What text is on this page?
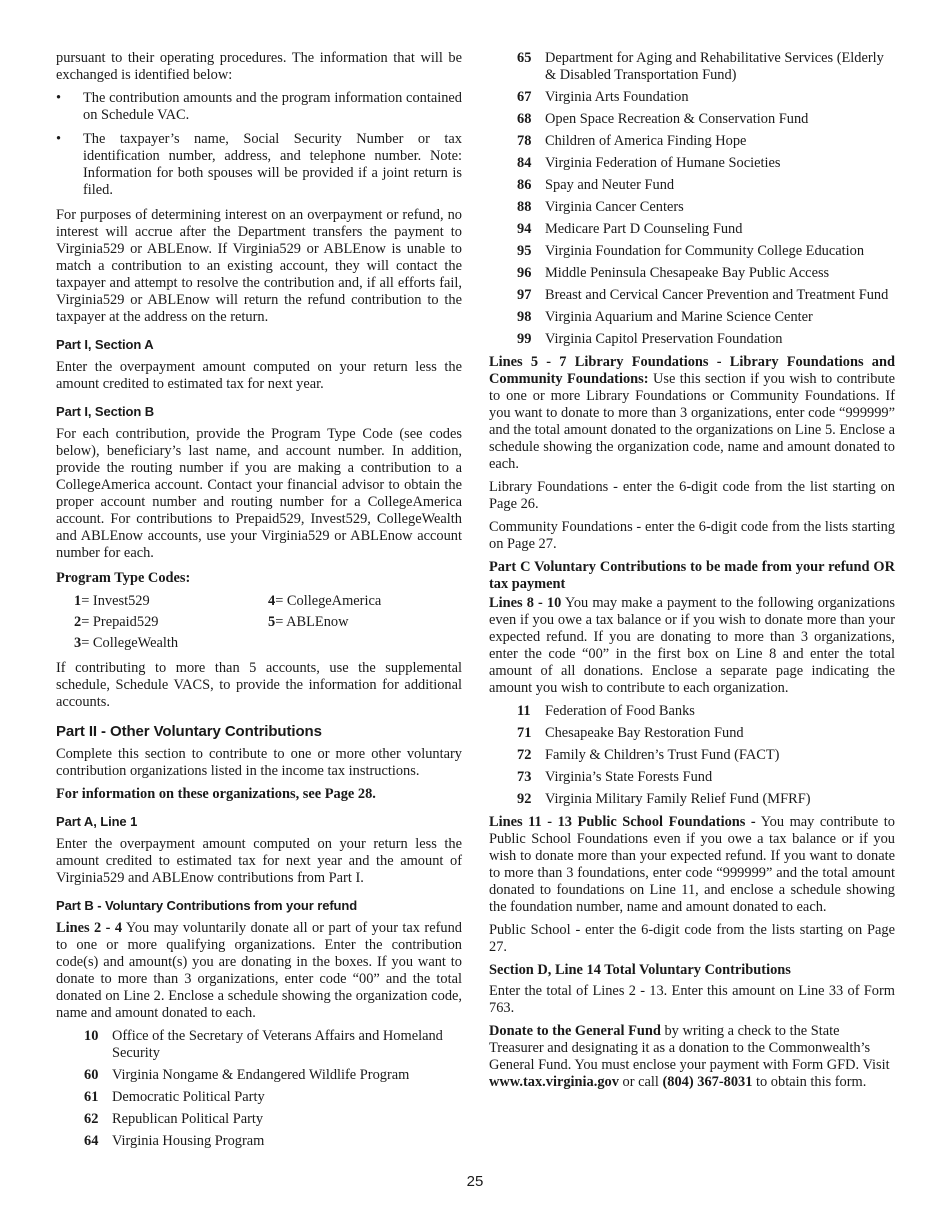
pursuant to their operating procedures. The information that will be exchanged is identified below:

• The contribution amounts and the program information contained on Schedule VAC.
• The taxpayer’s name, Social Security Number or tax identification number, address, and telephone number. Note: Information for both spouses will be provided if a joint return is filed.

For purposes of determining interest on an overpayment or refund, no interest will accrue after the Department transfers the payment to Virginia529 or ABLEnow. If Virginia529 or ABLEnow is unable to match a contribution to an existing account, they will contact the taxpayer and attempt to resolve the contribution and, if all efforts fail, Virginia529 or ABLEnow will return the refund contribution to the taxpayer at the address on the return.

Part I, Section A

Enter the overpayment amount computed on your return less the amount credited to estimated tax for next year.

Part I, Section B

For each contribution, provide the Program Type Code (see codes below), beneficiary’s last name, and account number. In addition, provide the routing number if you are making a contribution to a CollegeAmerica account. Contact your financial advisor to obtain the proper account number and routing number for a CollegeAmerica account. For contributions to Prepaid529, Invest529, CollegeWealth and ABLEnow accounts, use your Virginia529 or ABLEnow account number for each.

Program Type Codes:
1= Invest529	4= CollegeAmerica
2= Prepaid529	5= ABLEnow
3= CollegeWealth

If contributing to more than 5 accounts, use the supplemental schedule, Schedule VACS, to provide the information for additional accounts.

Part II - Other Voluntary Contributions

Complete this section to contribute to one or more other voluntary contribution organizations listed in the income tax instructions.

For information on these organizations, see Page 28.

Part A, Line 1

Enter the overpayment amount computed on your return less the amount credited to estimated tax for next year and the amount of Virginia529 and ABLEnow contributions from Part I.

Part B - Voluntary Contributions from your refund

Lines 2 - 4 You may voluntarily donate all or part of your tax refund to one or more qualifying organizations. Enter the contribution code(s) and amount(s) you are donating in the boxes. If you want to donate to more than 3 organizations, enter code “00” and the total donated on Line 2. Enclose a schedule showing the organization code, name and amount donated to each.

10 Office of the Secretary of Veterans Affairs and Homeland Security
60 Virginia Nongame & Endangered Wildlife Program
61 Democratic Political Party
62 Republican Political Party
64 Virginia Housing Program
65 Department for Aging and Rehabilitative Services (Elderly & Disabled Transportation Fund)
67 Virginia Arts Foundation
68 Open Space Recreation & Conservation Fund
78 Children of America Finding Hope
84 Virginia Federation of Humane Societies
86 Spay and Neuter Fund
88 Virginia Cancer Centers
94 Medicare Part D Counseling Fund
95 Virginia Foundation for Community College Education
96 Middle Peninsula Chesapeake Bay Public Access
97 Breast and Cervical Cancer Prevention and Treatment Fund
98 Virginia Aquarium and Marine Science Center
99 Virginia Capitol Preservation Foundation

Lines 5 - 7 Library Foundations - Library Foundations and Community Foundations: Use this section if you wish to contribute to one or more Library Foundations or Community Foundations. If you want to donate to more than 3 organizations, enter code “999999” and the total amount donated to the organizations on Line 5. Enclose a schedule showing the organization code, name and amount donated to each.

Library Foundations - enter the 6-digit code from the list starting on Page 26.

Community Foundations - enter the 6-digit code from the lists starting on Page 27.

Part C Voluntary Contributions to be made from your refund OR tax payment

Lines 8 - 10 You may make a payment to the following organizations even if you owe a tax balance or if you wish to donate more than your expected refund. If you are donating to more than 3 organizations, enter the code “00” in the first box on Line 8 and enter the total amount of all donations. Enclose a separate page indicating the amount you wish to contribute to each organization.

11 Federation of Food Banks
71 Chesapeake Bay Restoration Fund
72 Family & Children’s Trust Fund (FACT)
73 Virginia’s State Forests Fund
92 Virginia Military Family Relief Fund (MFRF)

Lines 11 - 13 Public School Foundations - You may contribute to Public School Foundations even if you owe a tax balance or if you wish to donate more than your expected refund. If you want to donate to more than 3 foundations, enter code “999999” and the total amount donated to foundations on Line 11, and enclose a schedule showing the foundation number, name and amount donated to each.

Public School - enter the 6-digit code from the lists starting on Page 27.

Section D, Line 14 Total Voluntary Contributions

Enter the total of Lines 2 - 13. Enter this amount on Line 33 of Form 763.

Donate to the General Fund by writing a check to the State Treasurer and designating it as a donation to the Commonwealth’s General Fund. You must enclose your payment with Form GFD. Visit www.tax.virginia.gov or call (804) 367-8031 to obtain this form.

25
